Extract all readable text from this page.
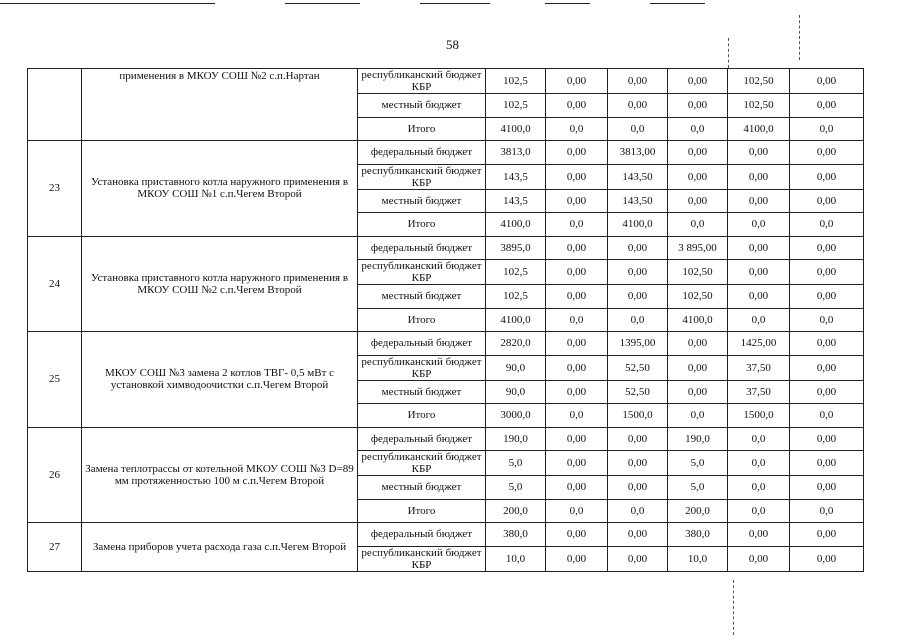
58
	применения в МКОУ СОШ №2 с.п.Нартан	республиканский бюджет КБР	102,5	0,00	0,00	0,00	102,50	0,00
		местный бюджет	102,5	0,00	0,00	0,00	102,50	0,00
		Итого	4100,0	0,0	0,0	0,0	4100,0	0,0
23	Установка приставного котла наружного применения в МКОУ СОШ №1 с.п.Чегем Второй	федеральный бюджет	3813,0	0,00	3813,00	0,00	0,00	0,00
		республиканский бюджет КБР	143,5	0,00	143,50	0,00	0,00	0,00
		местный бюджет	143,5	0,00	143,50	0,00	0,00	0,00
		Итого	4100,0	0,0	4100,0	0,0	0,0	0,0
24	Установка приставного котла наружного применения в МКОУ СОШ №2 с.п.Чегем Второй	федеральный бюджет	3895,0	0,00	0,00	3 895,00	0,00	0,00
		республиканский бюджет КБР	102,5	0,00	0,00	102,50	0,00	0,00
		местный бюджет	102,5	0,00	0,00	102,50	0,00	0,00
		Итого	4100,0	0,0	0,0	4100,0	0,0	0,0
25	МКОУ СОШ №3 замена 2 котлов ТВГ- 0,5 мВт с установкой химводоочистки с.п.Чегем Второй	федеральный бюджет	2820,0	0,00	1395,00	0,00	1425,00	0,00
		республиканский бюджет КБР	90,0	0,00	52,50	0,00	37,50	0,00
		местный бюджет	90,0	0,00	52,50	0,00	37,50	0,00
		Итого	3000,0	0,0	1500,0	0,0	1500,0	0,0
26	Замена теплотрассы от котельной МКОУ СОШ №3 D=89 мм протяженностью 100 м с.п.Чегем Второй	федеральный бюджет	190,0	0,00	0,00	190,0	0,0	0,00
		республиканский бюджет КБР	5,0	0,00	0,00	5,0	0,0	0,00
		местный бюджет	5,0	0,00	0,00	5,0	0,0	0,00
		Итого	200,0	0,0	0,0	200,0	0,0	0,0
27	Замена приборов учета расхода газа с.п.Чегем Второй	федеральный бюджет	380,0	0,00	0,00	380,0	0,00	0,00
		республиканский бюджет КБР	10,0	0,00	0,00	10,0	0,00	0,00
